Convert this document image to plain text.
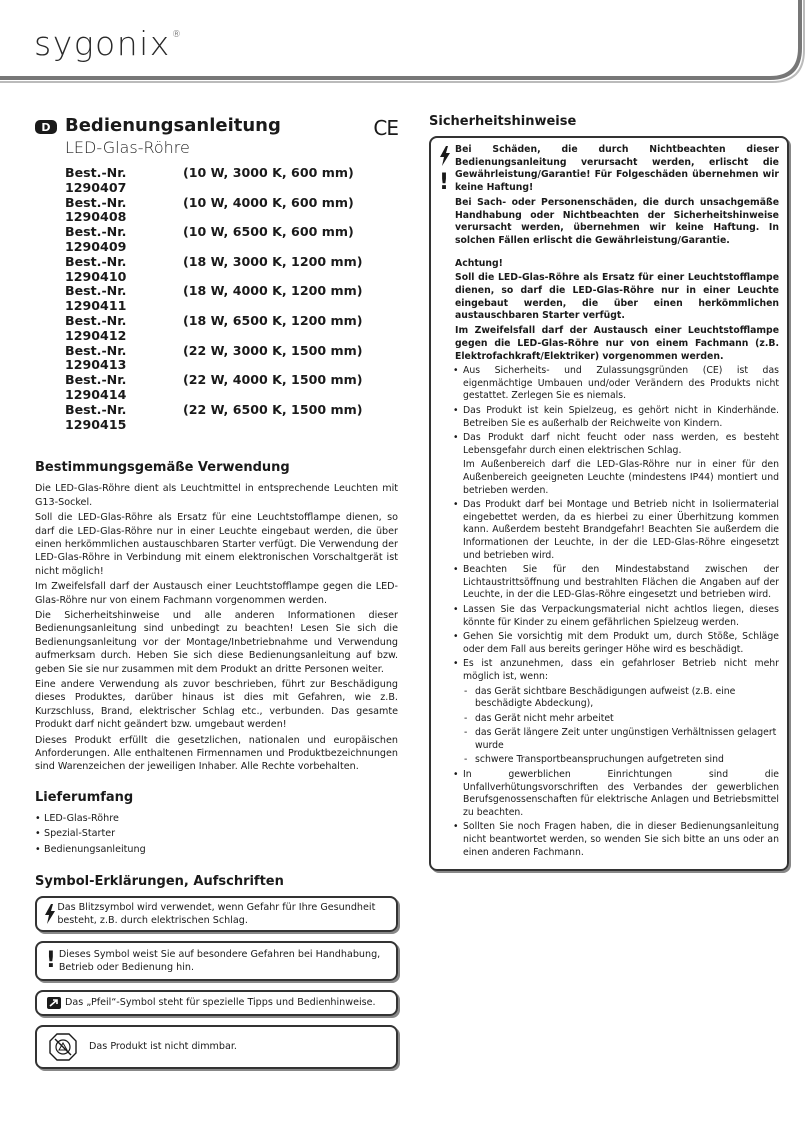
sygonix®
D Bedienungsanleitung	CE
LED-Glas-Röhre
Best.-Nr. 1290407
(10 W, 3000 K, 600 mm)
Best.-Nr. 1290408
(10 W, 4000 K, 600 mm)
Best.-Nr. 1290409
(10 W, 6500 K, 600 mm)
Best.-Nr. 1290410
(18 W, 3000 K, 1200 mm)
Best.-Nr. 1290411
(18 W, 4000 K, 1200 mm)
Best.-Nr. 1290412
(18 W, 6500 K, 1200 mm)
Best.-Nr. 1290413
(22 W, 3000 K, 1500 mm)
Best.-Nr. 1290414
(22 W, 4000 K, 1500 mm)
Best.-Nr. 1290415
(22 W, 6500 K, 1500 mm)
Bestimmungsgemäße Verwendung
Die LED-Glas-Röhre dient als Leuchtmittel in entsprechende Leuchten mit G13-Sockel.
Soll die LED-Glas-Röhre als Ersatz für eine Leuchtstofflampe dienen, so darf die LED-Glas-Röhre nur in einer Leuchte eingebaut werden, die über einen herkömmlichen austauschbaren Starter verfügt. Die Verwendung der LED-Glas-Röhre in Verbindung mit einem elektronischen Vorschaltgerät ist nicht möglich!
Im Zweifelsfall darf der Austausch einer Leuchtstofflampe gegen die LED-Glas-Röhre nur von einem Fachmann vorgenommen werden.
Die Sicherheitshinweise und alle anderen Informationen dieser Bedienungsanleitung sind unbedingt zu beachten! Lesen Sie sich die Bedienungsanleitung vor der Montage/Inbetriebnahme und Verwendung aufmerksam durch. Heben Sie sich diese Bedienungsanleitung auf bzw. geben Sie sie nur zusammen mit dem Produkt an dritte Personen weiter.
Eine andere Verwendung als zuvor beschrieben, führt zur Beschädigung dieses Produktes, darüber hinaus ist dies mit Gefahren, wie z.B. Kurzschluss, Brand, elektrischer Schlag etc., verbunden. Das gesamte Produkt darf nicht geändert bzw. umgebaut werden!
Dieses Produkt erfüllt die gesetzlichen, nationalen und europäischen Anforderungen. Alle enthaltenen Firmennamen und Produktbezeichnungen sind Warenzeichen der jeweiligen Inhaber. Alle Rechte vorbehalten.
Lieferumfang
• LED-Glas-Röhre
• Spezial-Starter
• Bedienungsanleitung
Symbol-Erklärungen, Aufschriften
Das Blitzsymbol wird verwendet, wenn Gefahr für Ihre Gesundheit besteht, z.B. durch elektrischen Schlag.
! Dieses Symbol weist Sie auf besondere Gefahren bei Handhabung, Betrieb oder Bedienung hin.
Das „Pfeil“-Symbol steht für spezielle Tipps und Bedienhinweise.
Das Produkt ist nicht dimmbar.
Sicherheitshinweise
!
Bei Schäden, die durch Nichtbeachten dieser Bedienungsanleitung verursacht werden, erlischt die Gewährleistung/Garantie! Für Folgeschäden übernehmen wir keine Haftung!
Bei Sach- oder Personenschäden, die durch unsachgemäße Handhabung oder Nichtbeachten der Sicherheitshinweise verursacht werden, übernehmen wir keine Haftung. In solchen Fällen erlischt die Gewährleistung/Garantie.
Achtung!
Soll die LED-Glas-Röhre als Ersatz für einer Leuchtstofflampe dienen, so darf die LED-Glas-Röhre nur in einer Leuchte eingebaut werden, die über einen herkömmlichen austauschbaren Starter verfügt.
Im Zweifelsfall darf der Austausch einer Leuchtstofflampe gegen die LED-Glas-Röhre nur von einem Fachmann (z.B. Elektrofachkraft/Elektriker) vorgenommen werden.
• Aus Sicherheits- und Zulassungsgründen (CE) ist das eigenmächtige Umbauen und/oder Verändern des Produkts nicht gestattet. Zerlegen Sie es niemals.
• Das Produkt ist kein Spielzeug, es gehört nicht in Kinderhände. Betreiben Sie es außerhalb der Reichweite von Kindern.
• Das Produkt darf nicht feucht oder nass werden, es besteht Lebensgefahr durch einen elektrischen Schlag.
Im Außenbereich darf die LED-Glas-Röhre nur in einer für den Außenbereich geeigneten Leuchte (mindestens IP44) montiert und betrieben werden.
• Das Produkt darf bei Montage und Betrieb nicht in Isoliermaterial eingebettet werden, da es hierbei zu einer Überhitzung kommen kann. Außerdem besteht Brandgefahr! Beachten Sie außerdem die Informationen der Leuchte, in der die LED-Glas-Röhre eingesetzt und betrieben wird.
• Beachten Sie für den Mindestabstand zwischen der Lichtaustrittsöffnung und bestrahlten Flächen die Angaben auf der Leuchte, in der die LED-Glas-Röhre eingesetzt und betrieben wird.
• Lassen Sie das Verpackungsmaterial nicht achtlos liegen, dieses könnte für Kinder zu einem gefährlichen Spielzeug werden.
• Gehen Sie vorsichtig mit dem Produkt um, durch Stöße, Schläge oder dem Fall aus bereits geringer Höhe wird es beschädigt.
• Es ist anzunehmen, dass ein gefahrloser Betrieb nicht mehr möglich ist, wenn:
- das Gerät sichtbare Beschädigungen aufweist (z.B. eine beschädigte Abdeckung),
- das Gerät nicht mehr arbeitet
- das Gerät längere Zeit unter ungünstigen Verhältnissen gelagert wurde
- schwere Transportbeanspruchungen aufgetreten sind
• In gewerblichen Einrichtungen sind die Unfallverhütungsvorschriften des Verbandes der gewerblichen Berufsgenossenschaften für elektrische Anlagen und Betriebsmittel zu beachten.
• Sollten Sie noch Fragen haben, die in dieser Bedienungsanleitung nicht beantwortet werden, so wenden Sie sich bitte an uns oder an einen anderen Fachmann.
